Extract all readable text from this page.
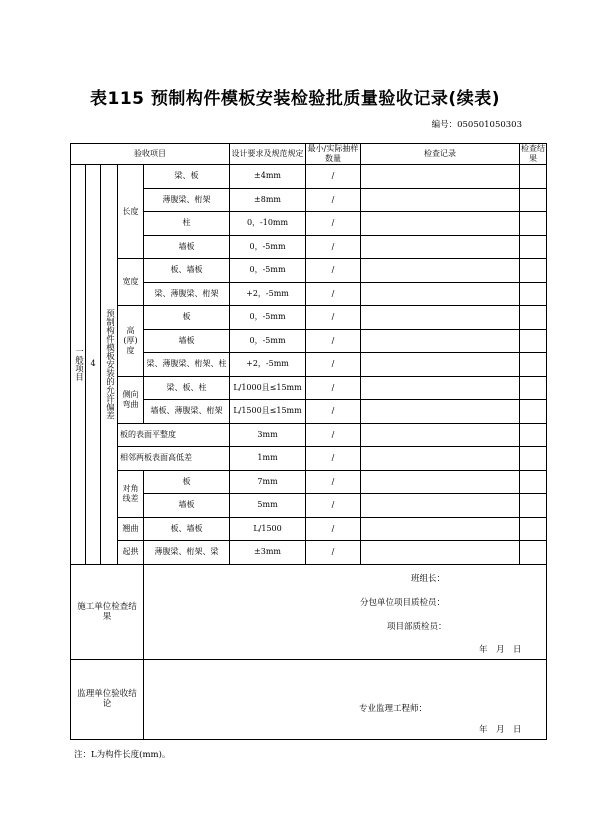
表115 预制构件模板安装检验批质量验收记录(续表)
编号：050501050303
验收项目					设计要求及规范规定	最小/实际抽样数量	检查记录	检查结果

一般项目	4	预制构件模板安装的允许偏差	长度	梁、板	±4mm	/		
				薄腹梁、桁架	±8mm	/		
				柱	0，-10mm	/		
				墙板	0，-5mm	/		
			宽度	板、墙板	0，-5mm	/		
				梁、薄腹梁、桁架	+2，-5mm	/		
			高(厚)度	板	0，-5mm	/		
				墙板	0，-5mm	/		
				梁、薄腹梁、桁架、柱	+2，-5mm	/		
			侧向弯曲	梁、板、柱	L/1000且≤15mm	/		
				墙板、薄腹梁、桁架	L/1500且≤15mm	/		
			板的表面平整度		3mm	/		
			相邻两板表面高低差		1mm	/		
			对角线差	板	7mm	/		
				墙板	5mm	/		
			翘曲	板、墙板	L/1500	/		
			起拱	薄腹梁、桁架、梁	±3mm	/		
施工单位检查结果				班组长：
分包单位项目质检员：
项目部质检员：
年　月　日				

监理单位验收结论				专业监理工程师：
年　月　日				
注：L为构件长度(mm)。
